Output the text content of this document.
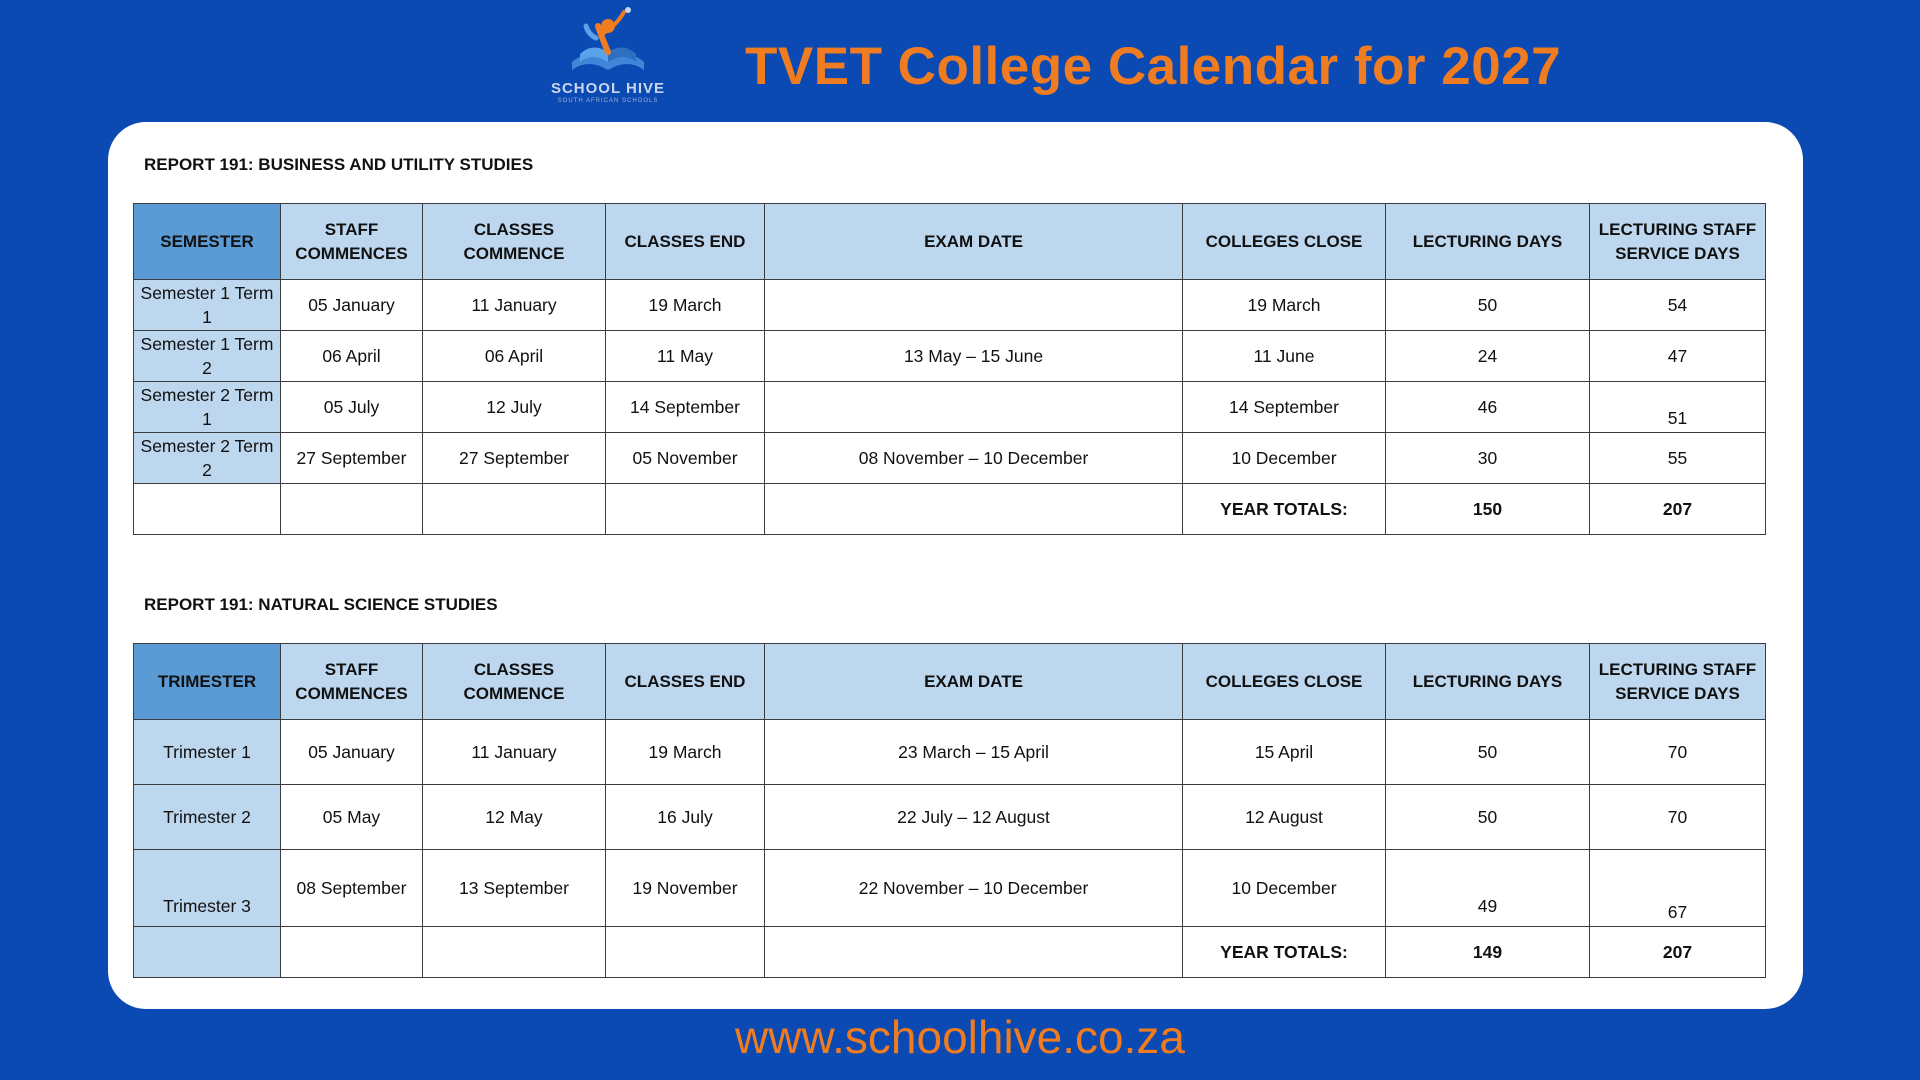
SCHOOL HIVE
SOUTH AFRICAN SCHOOLS
TVET College Calendar for 2027
REPORT 191: BUSINESS AND UTILITY STUDIES
SEMESTER	STAFF COMMENCES	CLASSES COMMENCE	CLASSES END	EXAM DATE	COLLEGES CLOSE	LECTURING DAYS	LECTURING STAFF SERVICE DAYS
Semester 1 Term 1	05 January	11 January	19 March		19 March	50	54
Semester 1 Term 2	06 April	06 April	11 May	13 May – 15 June	11 June	24	47
Semester 2 Term 1	05 July	12 July	14 September		14 September	46	51
Semester 2 Term 2	27 September	27 September	05 November	08 November – 10 December	10 December	30	55
					YEAR TOTALS:	150	207
REPORT 191: NATURAL SCIENCE STUDIES
TRIMESTER	STAFF COMMENCES	CLASSES COMMENCE	CLASSES END	EXAM DATE	COLLEGES CLOSE	LECTURING DAYS	LECTURING STAFF SERVICE DAYS
Trimester 1	05 January	11 January	19 March	23 March – 15 April	15 April	50	70
Trimester 2	05 May	12 May	16 July	22 July – 12 August	12 August	50	70
Trimester 3	08 September	13 September	19 November	22 November – 10 December	10 December	49	67
					YEAR TOTALS:	149	207
www.schoolhive.co.za
